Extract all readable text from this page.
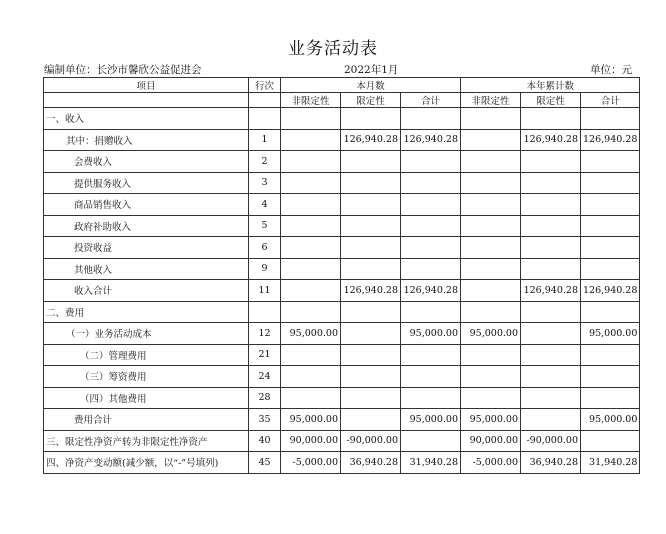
业务活动表
编制单位：长沙市馨欣公益促进会	2022年1月	单位：元
项目	行次	本月数			本年累计数		
		非限定性	限定性	合计	非限定性	限定性	合计
一、收入							
其中：捐赠收入	1		126,940.28	126,940.28		126,940.28	126,940.28
会费收入	2						
提供服务收入	3						
商品销售收入	4						
政府补助收入	5						
投资收益	6						
其他收入	9						
收入合计	11		126,940.28	126,940.28		126,940.28	126,940.28
二、费用							
（一）业务活动成本	12	95,000.00		95,000.00	95,000.00		95,000.00
（二）管理费用	21						
（三）筹资费用	24						
（四）其他费用	28						
费用合计	35	95,000.00		95,000.00	95,000.00		95,000.00
三、限定性净资产转为非限定性净资产	40	90,000.00	-90,000.00		90,000.00	-90,000.00	
四、净资产变动额(减少额，以“-”号填列)	45	-5,000.00	36,940.28	31,940.28	-5,000.00	36,940.28	31,940.28
